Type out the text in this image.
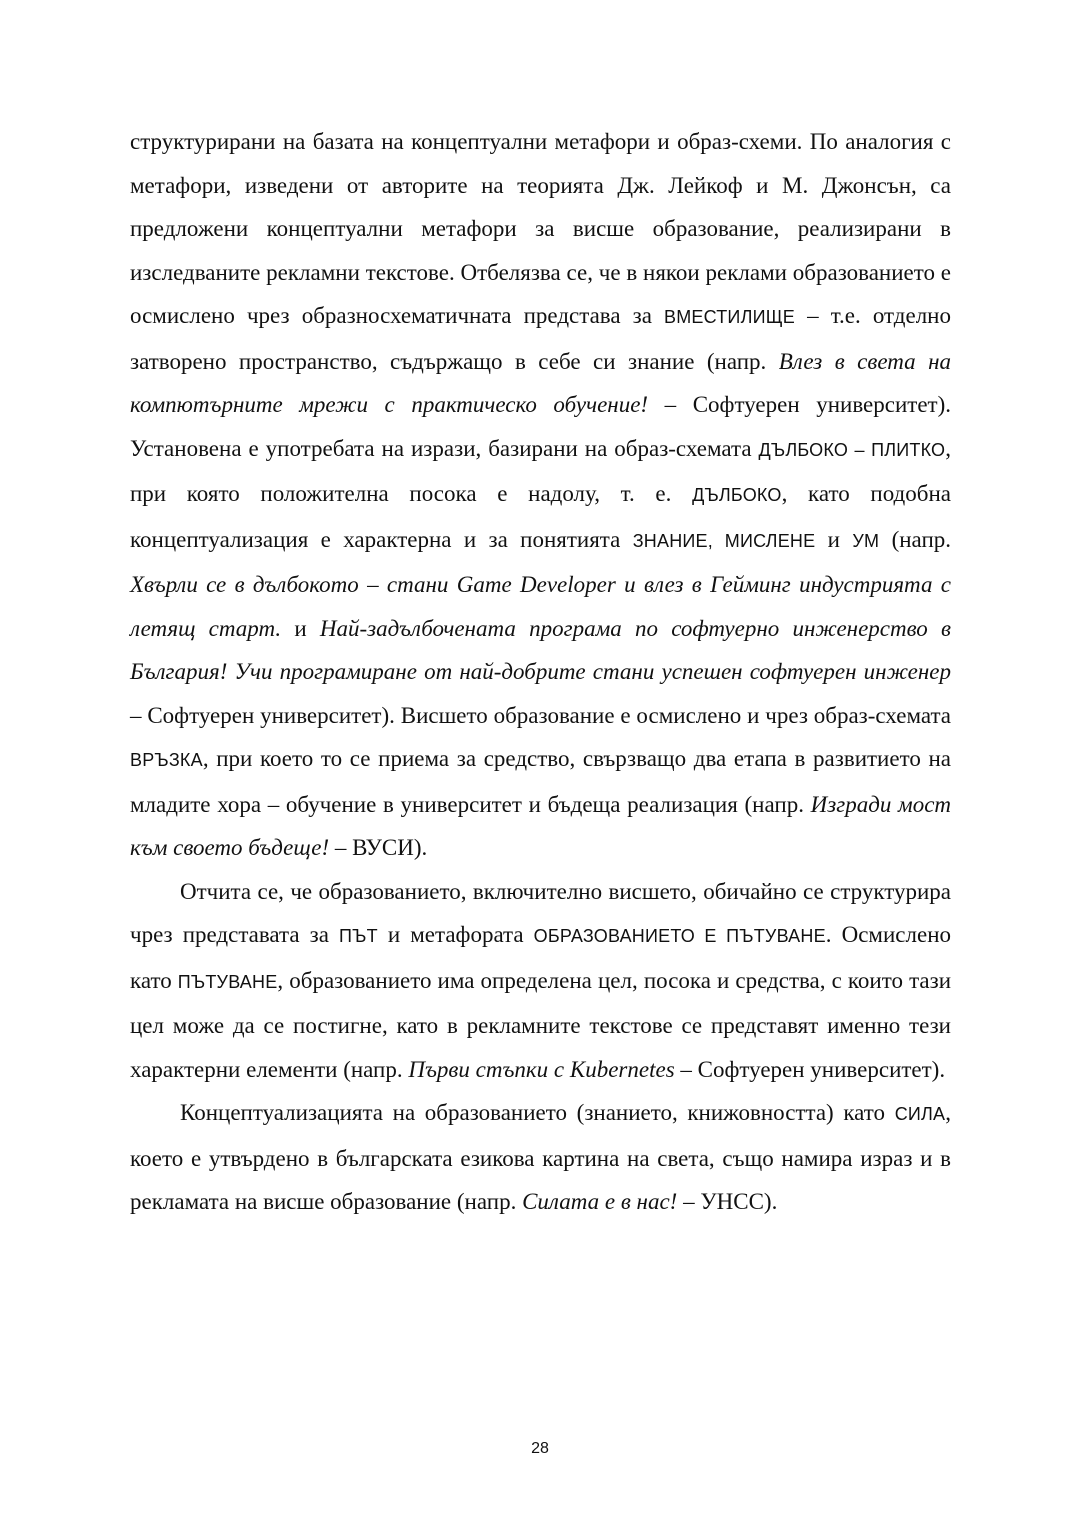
структурирани на базата на концептуални метафори и образ-схеми. По аналогия с метафори, изведени от авторите на теорията Дж. Лейкоф и М. Джонсън, са предложени концептуални метафори за висше образование, реализирани в изследваните рекламни текстове. Отбелязва се, че в някои реклами образованието е осмислено чрез образносхематичната представа за ВМЕСТИЛИЩЕ – т.е. отделно затворено пространство, съдържащо в себе си знание (напр. Влез в света на компютърните мрежи с практическо обучение! – Софтуерен университет). Установена е употребата на изрази, базирани на образ-схемата ДЪЛБОКО – ПЛИТКО, при която положителна посока е надолу, т. е. ДЪЛБОКО, като подобна концептуализация е характерна и за понятията ЗНАНИЕ, МИСЛЕНЕ и УМ (напр. Хвърли се в дълбокото – стани Game Developer и влез в Гейминг индустрията с летящ старт. и Най-задълбочената програма по софтуерно инженерство в България! Учи програмиране от най-добрите стани успешен софтуерен инженер – Софтуерен университет). Висшето образование е осмислено и чрез образ-схемата ВРЪЗКА, при което то се приема за средство, свързващо два етапа в развитието на младите хора – обучение в университет и бъдеща реализация (напр. Изгради мост към своето бъдеще! – ВУСИ).

Отчита се, че образованието, включително висшето, обичайно се структурира чрез представата за ПЪТ и метафората ОБРАЗОВАНИЕТО Е ПЪТУВАНЕ. Осмислено като ПЪТУВАНЕ, образованието има определена цел, посока и средства, с които тази цел може да се постигне, като в рекламните текстове се представят именно тези характерни елементи (напр. Първи стъпки с Kubernetes – Софтуерен университет).

Концептуализацията на образованието (знанието, книжовността) като СИЛА, което е утвърдено в българската езикова картина на света, също намира израз и в рекламата на висше образование (напр. Силата е в нас! – УНСС).

28
